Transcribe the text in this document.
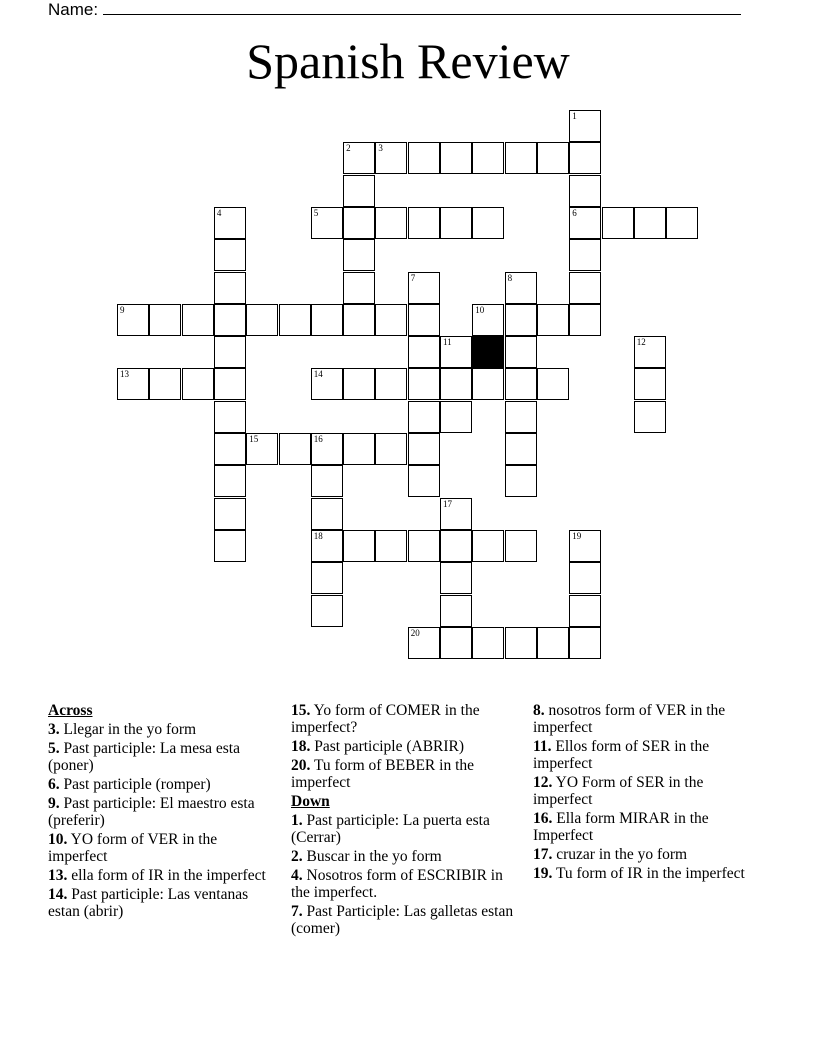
Name:
Spanish Review
1
2	3
4	5	6
7	8
9	10
11	12
13	14
15	16
17
18	19
20
Across
3. Llegar in the yo form
5. Past participle: La mesa esta (poner)
6. Past participle (romper)
9. Past participle: El maestro esta (preferir)
10. YO form of VER in the imperfect
13. ella form of IR in the imperfect
14. Past participle: Las ventanas estan (abrir)
15. Yo form of COMER in the imperfect?
18. Past participle (ABRIR)
20. Tu form of BEBER in the imperfect
Down
1. Past participle: La puerta esta (Cerrar)
2. Buscar in the yo form
4. Nosotros form of ESCRIBIR in the imperfect.
7. Past Participle: Las galletas estan (comer)
8. nosotros form of VER in the imperfect
11. Ellos form of SER in the imperfect
12. YO Form of SER in the imperfect
16. Ella form MIRAR in the Imperfect
17. cruzar in the yo form
19. Tu form of IR in the imperfect
